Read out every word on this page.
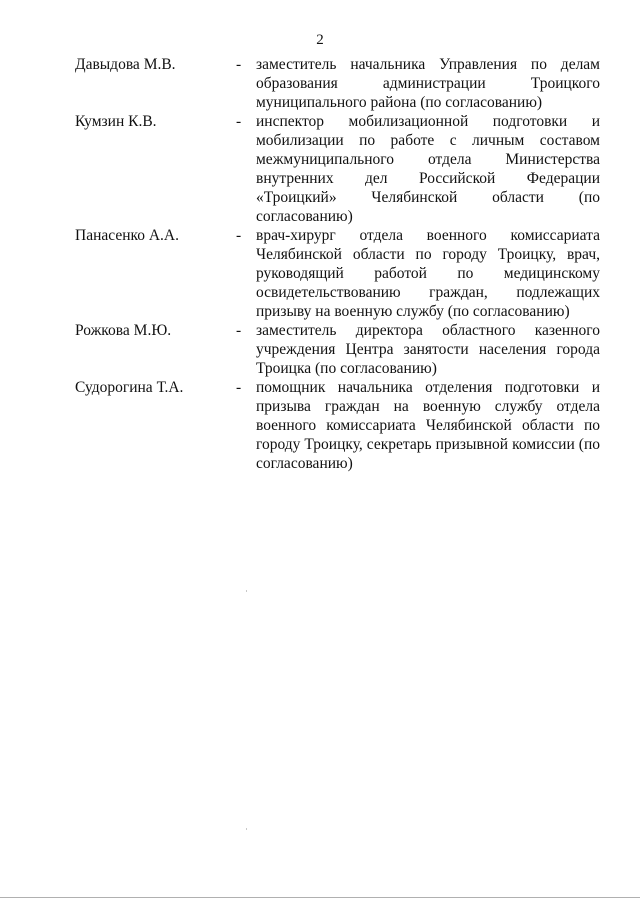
2
Давыдова М.В.	- заместитель начальника Управления по делам образования администрации Троицкого муниципального района (по согласованию)
Кумзин К.В.	- инспектор мобилизационной подготовки и мобилизации по работе с личным составом межмуниципального отдела Министерства внутренних дел Российской Федерации «Троицкий» Челябинской области (по согласованию)
Панасенко А.А.	- врач-хирург отдела военного комиссариата Челябинской области по городу Троицку, врач, руководящий работой по медицинскому освидетельствованию граждан, подлежащих призыву на военную службу (по согласованию)
Рожкова М.Ю.	- заместитель директора областного казенного учреждения Центра занятости населения города Троицка (по согласованию)
Судорогина Т.А.	- помощник начальника отделения подготовки и призыва граждан на военную службу отдела военного комиссариата Челябинской области по городу Троицку, секретарь призывной комиссии (по согласованию)
